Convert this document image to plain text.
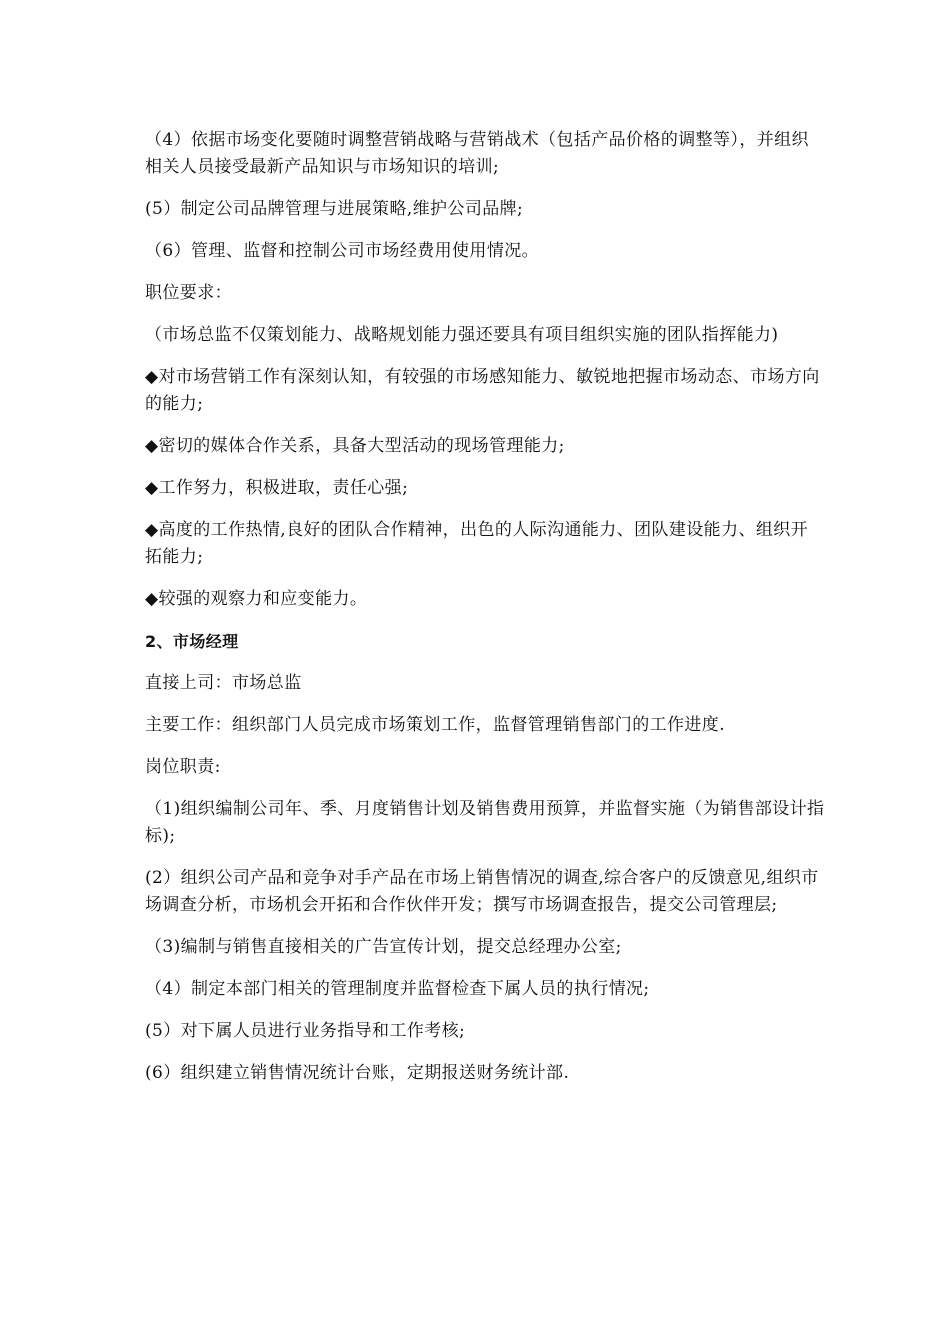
（4）依据市场变化要随时调整营销战略与营销战术（包括产品价格的调整等），并组织相关人员接受最新产品知识与市场知识的培训;

(5）制定公司品牌管理与进展策略,维护公司品牌;

（6）管理、监督和控制公司市场经费用使用情况。

职位要求：

（市场总监不仅策划能力、战略规划能力强还要具有项目组织实施的团队指挥能力)

◆对市场营销工作有深刻认知，有较强的市场感知能力、敏锐地把握市场动态、市场方向的能力;

◆密切的媒体合作关系，具备大型活动的现场管理能力;

◆工作努力，积极进取，责任心强;

◆高度的工作热情,良好的团队合作精神，出色的人际沟通能力、团队建设能力、组织开拓能力;

◆较强的观察力和应变能力。

2、市场经理

直接上司：市场总监

主要工作：组织部门人员完成市场策划工作，监督管理销售部门的工作进度.

岗位职责:

（1)组织编制公司年、季、月度销售计划及销售费用预算，并监督实施（为销售部设计指标);

(2）组织公司产品和竞争对手产品在市场上销售情况的调查,综合客户的反馈意见,组织市场调查分析，市场机会开拓和合作伙伴开发；撰写市场调查报告，提交公司管理层;

（3)编制与销售直接相关的广告宣传计划，提交总经理办公室;

（4）制定本部门相关的管理制度并监督检查下属人员的执行情况;

(5）对下属人员进行业务指导和工作考核;

(6）组织建立销售情况统计台账，定期报送财务统计部.
